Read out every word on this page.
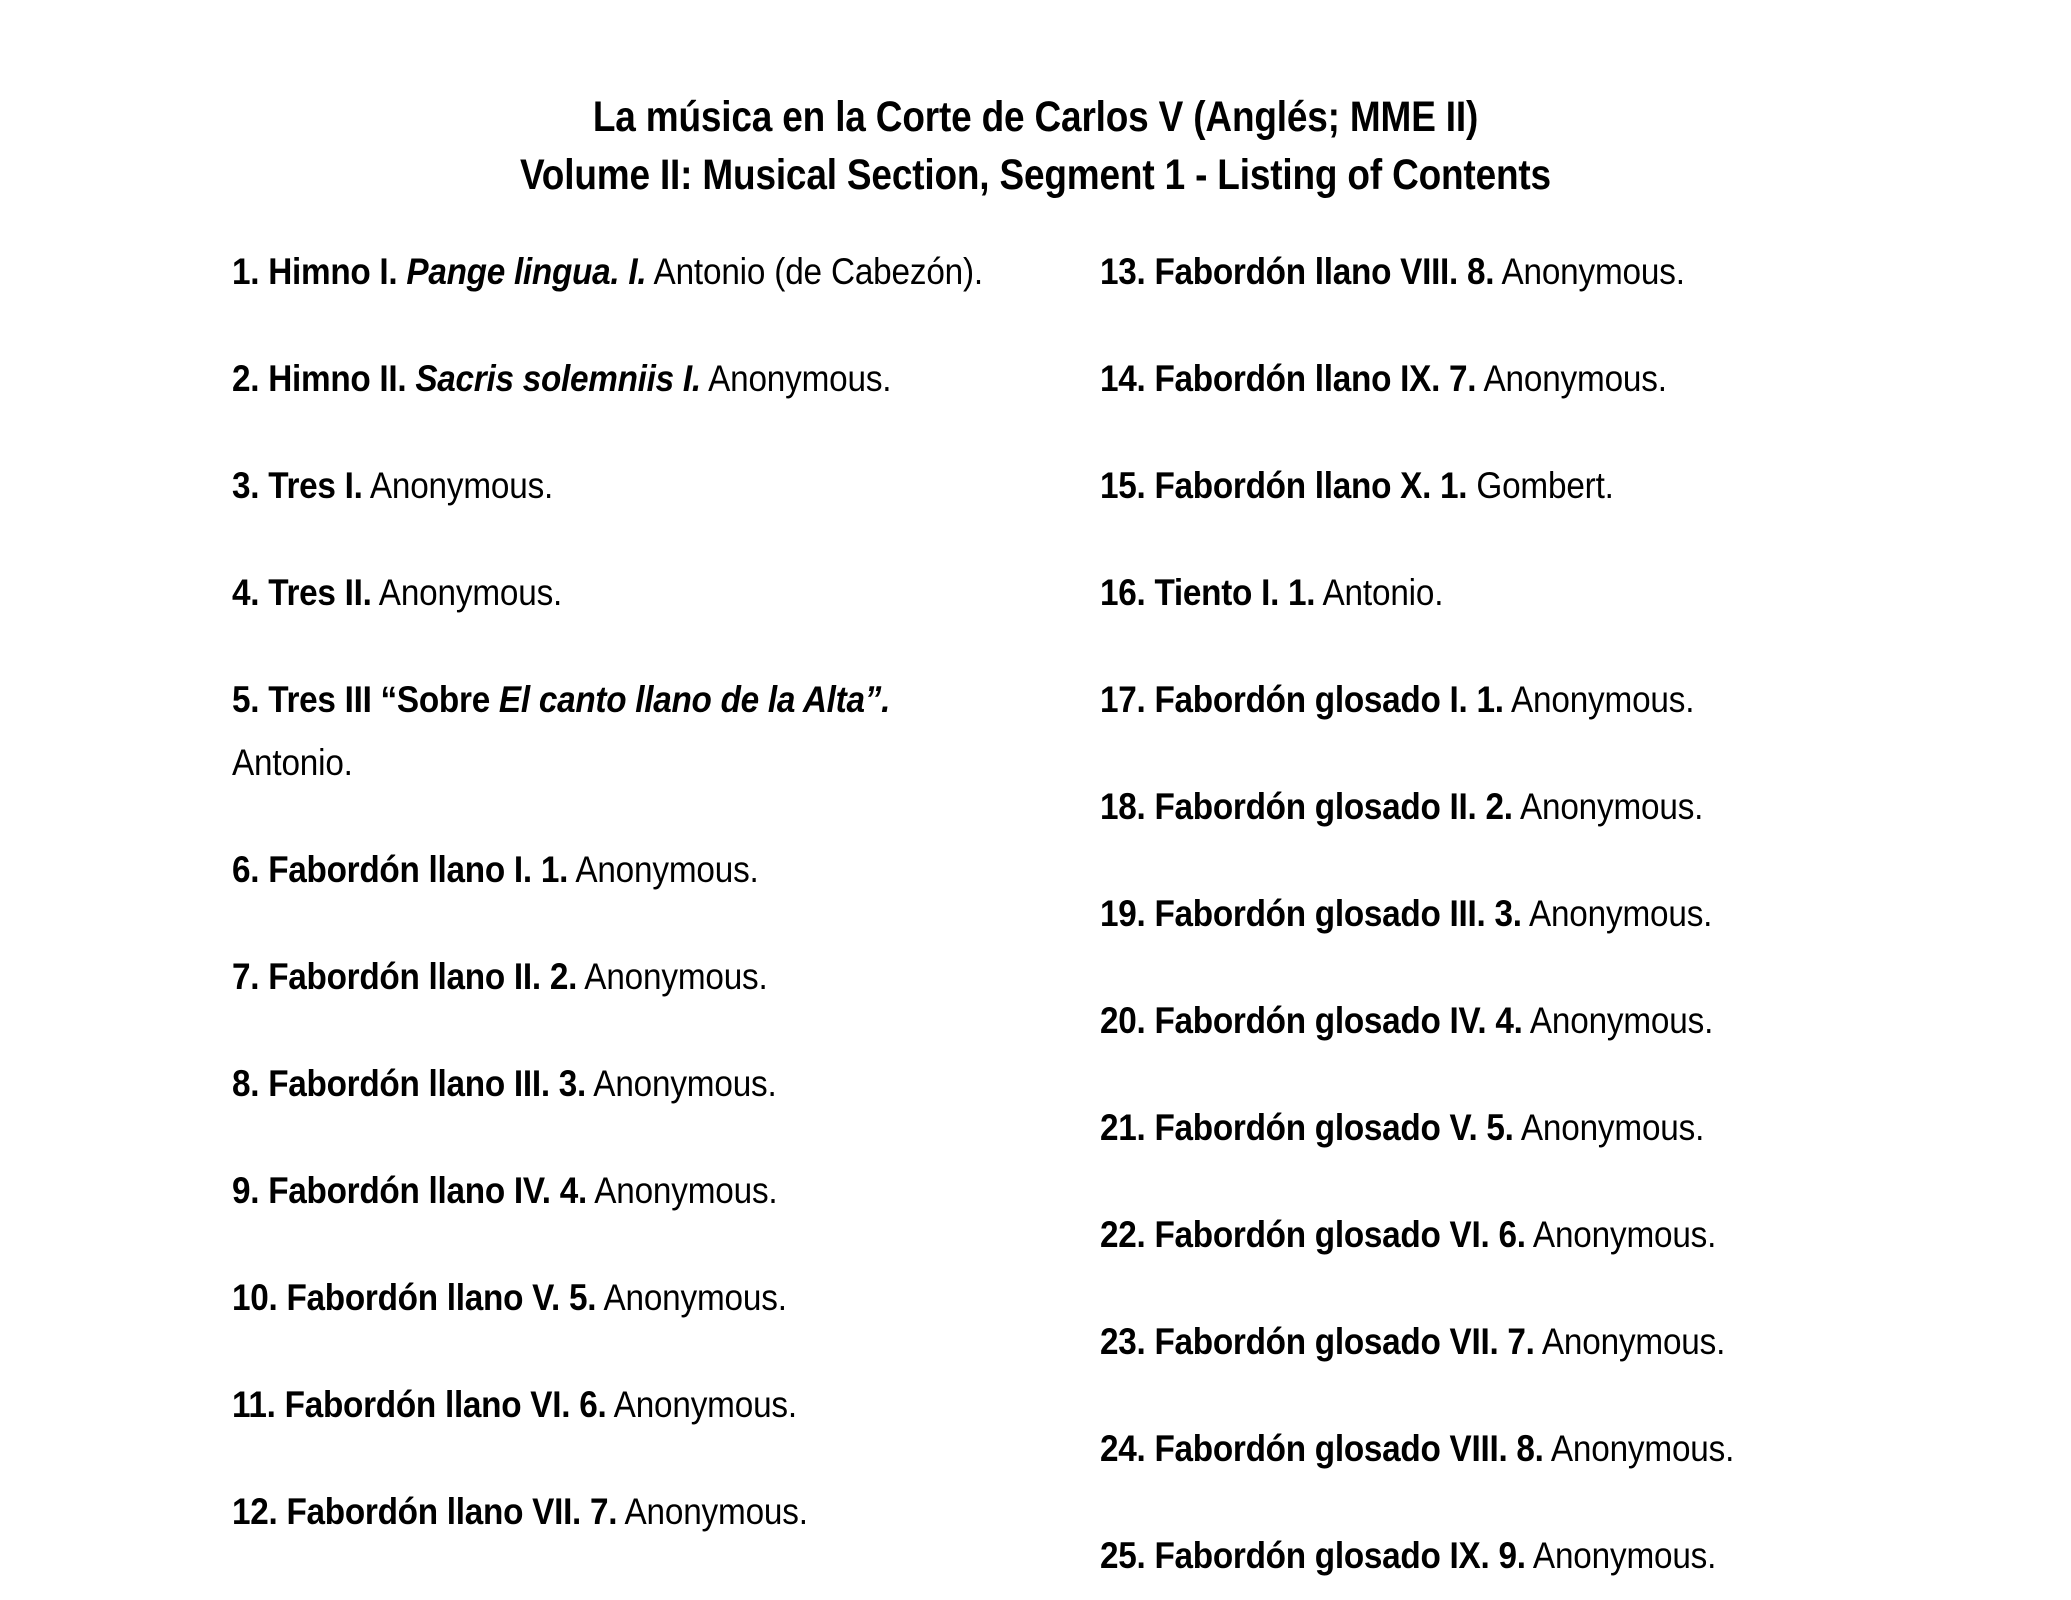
La música en la Corte de Carlos V (Anglés; MME II)
Volume II: Musical Section, Segment 1 - Listing of Contents

1. Himno I. Pange lingua. I. Antonio (de Cabezón).

2. Himno II. Sacris solemniis I. Anonymous.

3. Tres I. Anonymous.

4. Tres II. Anonymous.

5. Tres III “Sobre El canto llano de la Alta”. Antonio.

6. Fabordón llano I. 1. Anonymous.

7. Fabordón llano II. 2. Anonymous.

8. Fabordón llano III. 3. Anonymous.

9. Fabordón llano IV. 4. Anonymous.

10. Fabordón llano V. 5. Anonymous.

11. Fabordón llano VI. 6. Anonymous.

12. Fabordón llano VII. 7. Anonymous.

13. Fabordón llano VIII. 8. Anonymous.

14. Fabordón llano IX. 7. Anonymous.

15. Fabordón llano X. 1. Gombert.

16. Tiento I. 1. Antonio.

17. Fabordón glosado I. 1. Anonymous.

18. Fabordón glosado II. 2. Anonymous.

19. Fabordón glosado III. 3. Anonymous.

20. Fabordón glosado IV. 4. Anonymous.

21. Fabordón glosado V. 5. Anonymous.

22. Fabordón glosado VI. 6. Anonymous.

23. Fabordón glosado VII. 7. Anonymous.

24. Fabordón glosado VIII. 8. Anonymous.

25. Fabordón glosado IX. 9. Anonymous.
